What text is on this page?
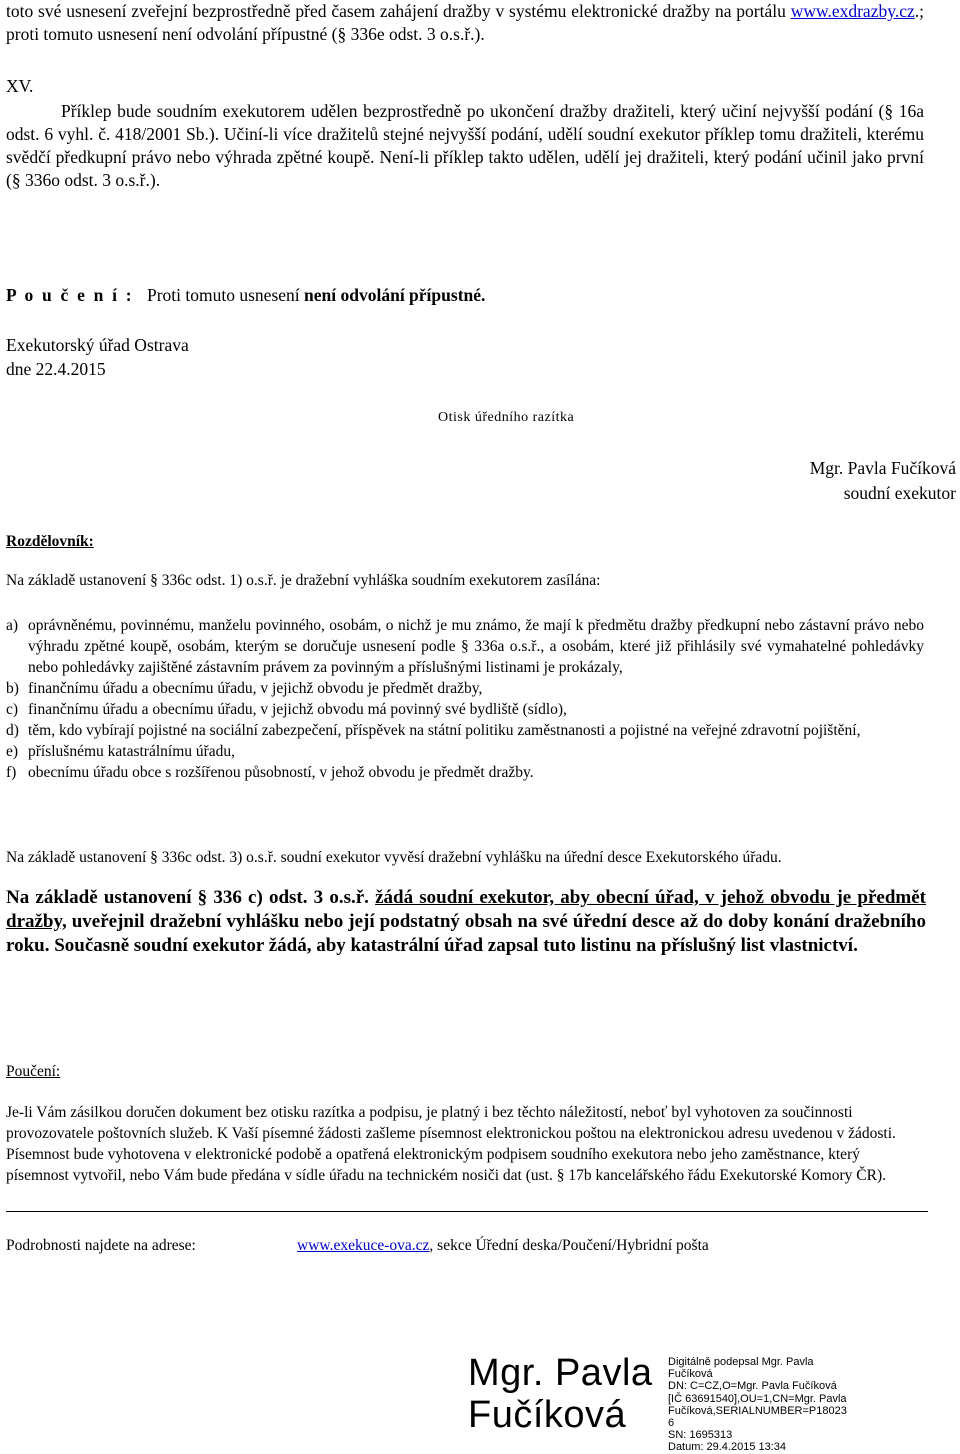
toto své usnesení zveřejní bezprostředně před časem zahájení dražby v systému elektronické dražby na portálu www.exdrazby.cz.; proti tomuto usnesení není odvolání přípustné (§ 336e odst. 3 o.s.ř.).
XV.
Příklep bude soudním exekutorem udělen bezprostředně po ukončení dražby dražiteli, který učiní nejvyšší podání (§ 16a odst. 6 vyhl. č. 418/2001 Sb.). Učiní-li více dražitelů stejné nejvyšší podání, udělí soudní exekutor příklep tomu dražiteli, kterému svědčí předkupní právo nebo výhrada zpětné koupě. Není-li příklep takto udělen, udělí jej dražiteli, který podání učinil jako první (§ 336o odst. 3 o.s.ř.).
P o u č e n í : Proti tomuto usnesení není odvolání přípustné.
Exekutorský úřad Ostrava
dne 22.4.2015
Otisk úředního razítka
Mgr. Pavla Fučíková
soudní exekutor
Rozdělovník:
Na základě ustanovení § 336c odst. 1) o.s.ř. je dražební vyhláška soudním exekutorem zasílána:
a) oprávněnému, povinnému, manželu povinného, osobám, o nichž je mu známo, že mají k předmětu dražby předkupní nebo zástavní právo nebo výhradu zpětné koupě, osobám, kterým se doručuje usnesení podle § 336a o.s.ř., a osobám, které již přihlásily své vymahatelné pohledávky nebo pohledávky zajištěné zástavním právem za povinným a příslušnými listinami je prokázaly,
b) finančnímu úřadu a obecnímu úřadu, v jejichž obvodu je předmět dražby,
c) finančnímu úřadu a obecnímu úřadu, v jejichž obvodu má povinný své bydliště (sídlo),
d) těm, kdo vybírají pojistné na sociální zabezpečení, příspěvek na státní politiku zaměstnanosti a pojistné na veřejné zdravotní pojištění,
e) příslušnému katastrálnímu úřadu,
f) obecnímu úřadu obce s rozšířenou působností, v jehož obvodu je předmět dražby.
Na základě ustanovení § 336c odst. 3) o.s.ř. soudní exekutor vyvěsí dražební vyhlášku na úřední desce Exekutorského úřadu.
Na základě ustanovení § 336 c) odst. 3 o.s.ř. žádá soudní exekutor, aby obecní úřad, v jehož obvodu je předmět dražby, uveřejnil dražební vyhlášku nebo její podstatný obsah na své úřední desce až do doby konání dražebního roku. Současně soudní exekutor žádá, aby katastrální úřad zapsal tuto listinu na příslušný list vlastnictví.
Poučení:
Je-li Vám zásilkou doručen dokument bez otisku razítka a podpisu, je platný i bez těchto náležitostí, neboť byl vyhotoven za součinnosti provozovatele poštovních služeb. K Vaší písemné žádosti zašleme písemnost elektronickou poštou na elektronickou adresu uvedenou v žádosti. Písemnost bude vyhotovena v elektronické podobě a opatřená elektronickým podpisem soudního exekutora nebo jeho zaměstnance, který písemnost vytvořil, nebo Vám bude předána v sídle úřadu na technickém nosiči dat (ust. § 17b kancelářského řádu Exekutorské Komory ČR).
Podrobnosti najdete na adrese:	www.exekuce-ova.cz, sekce Úřední deska/Poučení/Hybridní pošta
Mgr. Pavla
Fučíková
Digitálně podepsal Mgr. Pavla
Fučíková
DN: C=CZ,O=Mgr. Pavla Fučíková
[IČ 63691540],OU=1,CN=Mgr. Pavla
Fučíková,SERIALNUMBER=P18023
6
SN: 1695313
Datum: 29.4.2015 13:34
